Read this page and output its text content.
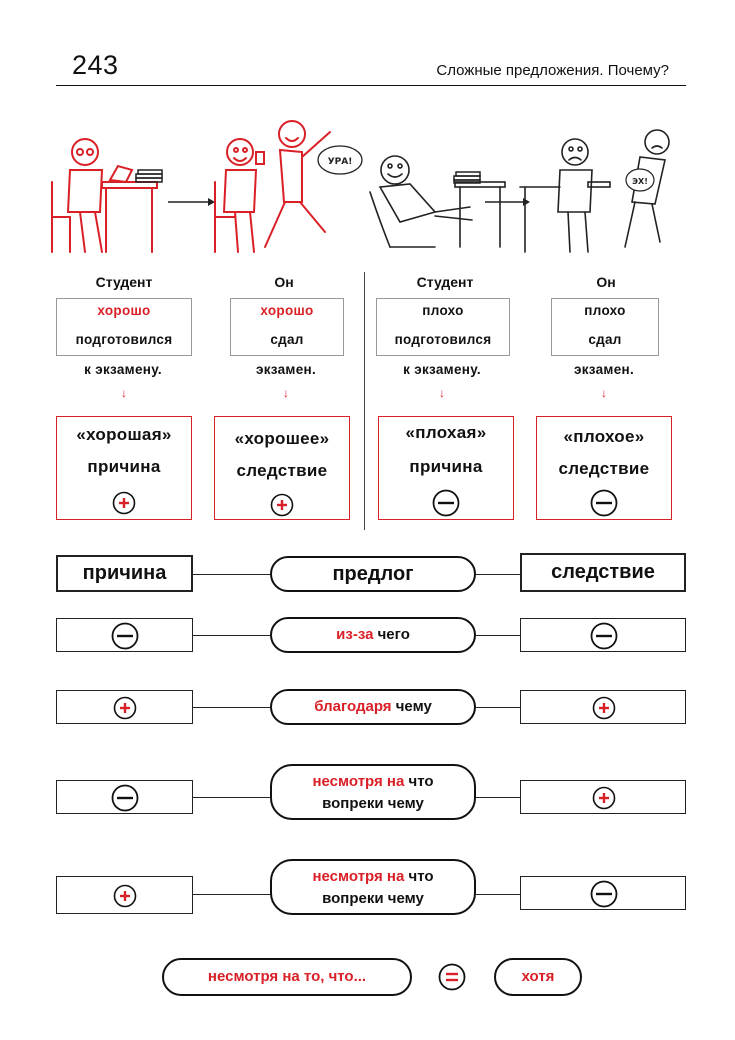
243	Сложные предложения. Почему?
УРА!
ЭХ!
Студент	Он	Студент	Он
хорошо
подготовился
к экзамену.
хорошо
сдал
экзамен.
плохо
подготовился
к экзамену.
плохо
сдал
экзамен.
↓	↓	↓	↓
«хорошая»
причина
«хорошее»
следствие
«плохая»
причина
«плохое»
следствие
причина	предлог	следствие
из-за чего
благодаря чему
несмотря на что
вопреки чему
несмотря на что
вопреки чему
несмотря на то, что...	хотя
